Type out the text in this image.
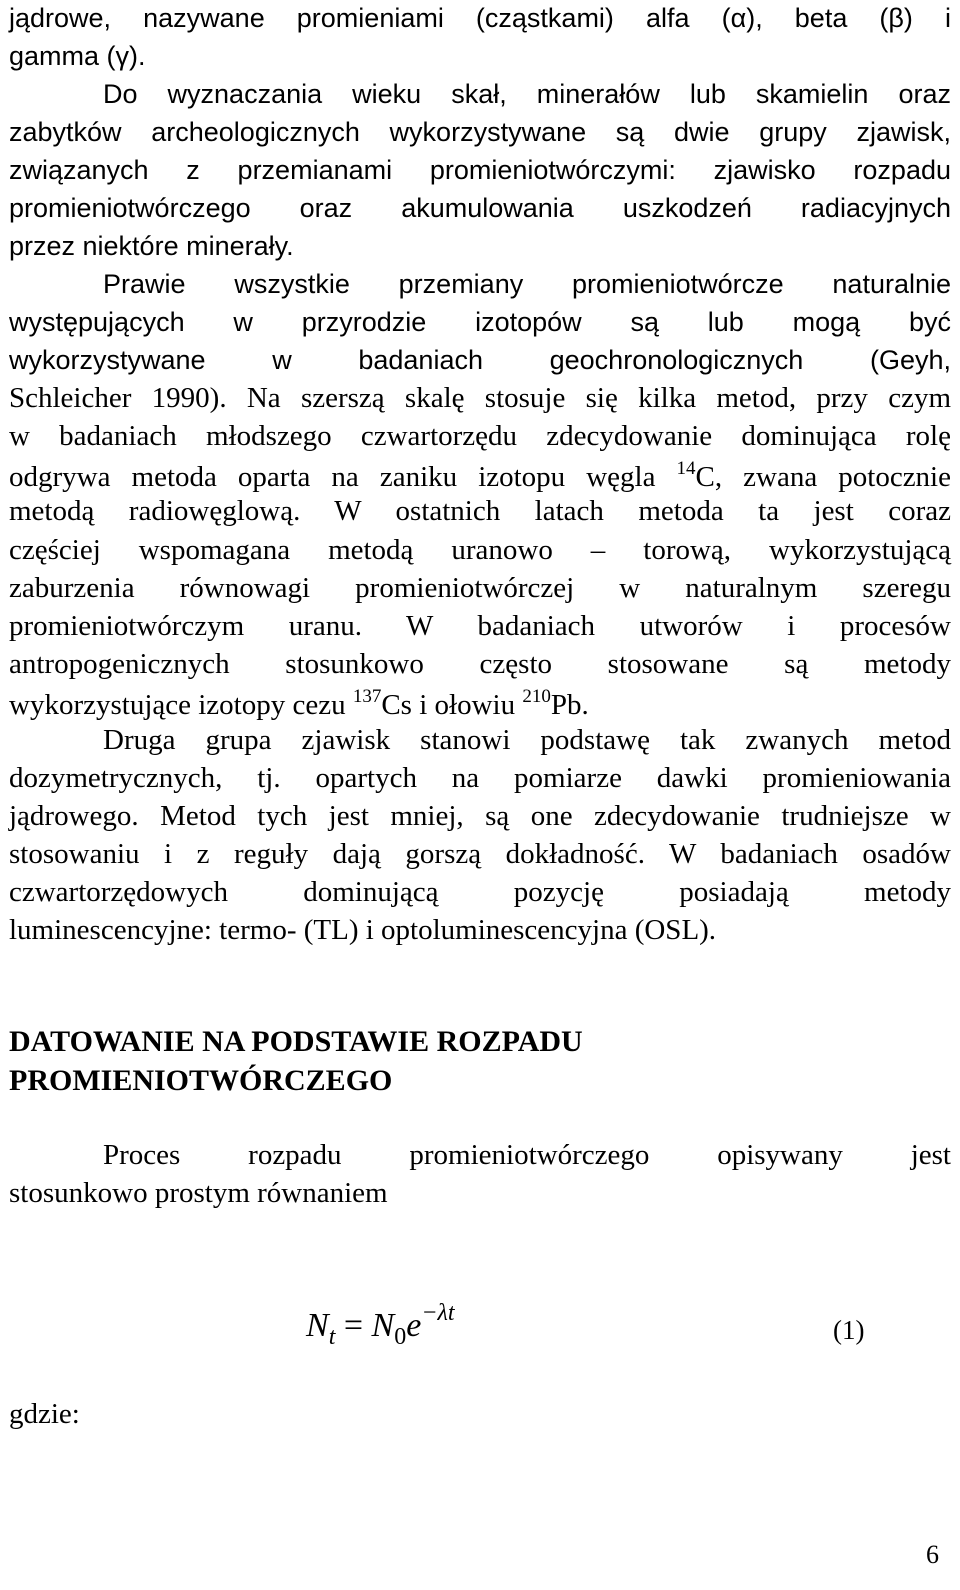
jądrowe, nazywane promieniami (cząstkami) alfa (α), beta (β) i
gamma (γ).
Do wyznaczania wieku skał, minerałów lub skamielin oraz
zabytków archeologicznych wykorzystywane są dwie grupy zjawisk,
związanych z przemianami promieniotwórczymi: zjawisko rozpadu
promieniotwórczego oraz akumulowania uszkodzeń radiacyjnych
przez niektóre minerały.
Prawie wszystkie przemiany promieniotwórcze naturalnie
występujących w przyrodzie izotopów są lub mogą być
wykorzystywane w badaniach geochronologicznych (Geyh,
Schleicher 1990). Na szerszą skalę stosuje się kilka metod, przy czym
w badaniach młodszego czwartorzędu zdecydowanie dominująca rolę
odgrywa metoda oparta na zaniku izotopu węgla $^{14}$C, zwana potocznie
metodą radiowęglową. W ostatnich latach metoda ta jest coraz
częściej wspomagana metodą uranowo – torową, wykorzystującą
zaburzenia równowagi promieniotwórczej w naturalnym szeregu
promieniotwórczym uranu. W badaniach utworów i procesów
antropogenicznych stosunkowo często stosowane są metody
wykorzystujące izotopy cezu $^{137}$Cs i ołowiu $^{210}$Pb.
Druga grupa zjawisk stanowi podstawę tak zwanych metod
dozymetrycznych, tj. opartych na pomiarze dawki promieniowania
jądrowego. Metod tych jest mniej, są one zdecydowanie trudniejsze w
stosowaniu i z reguły dają gorszą dokładność. W badaniach osadów
czwartorzędowych dominującą pozycję posiadają metody
luminescencyjne: termo- (TL) i optoluminescencyjna (OSL).
DATOWANIE NA PODSTAWIE ROZPADU
PROMIENIOTWÓRCZEGO
Proces rozpadu promieniotwórczego opisywany jest
stosunkowo prostym równaniem
$N_t = N_0e^{-\lambda t}$
(1)
gdzie:
6
